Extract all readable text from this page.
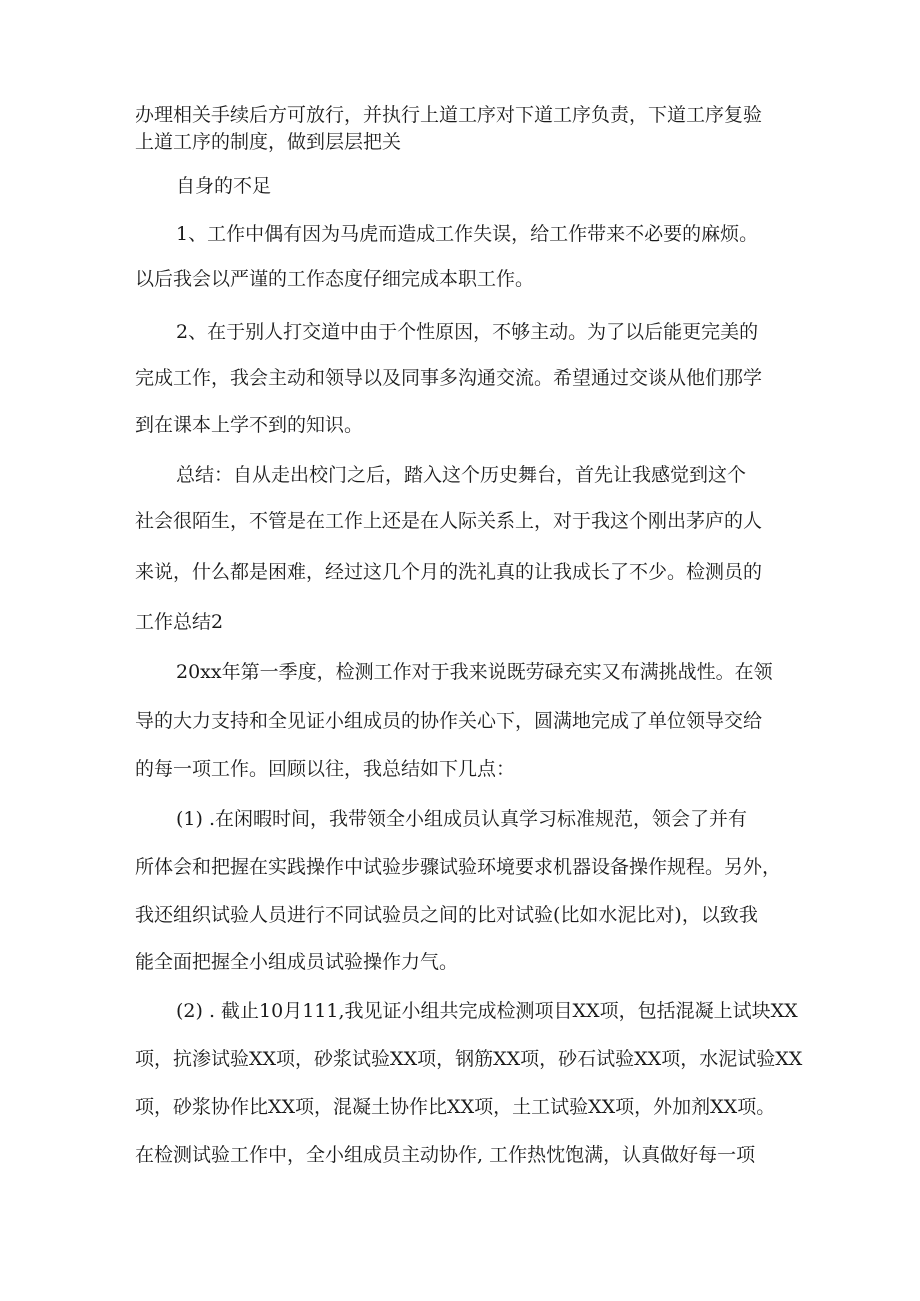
办理相关手续后方可放行，并执行上道工序对下道工序负责，下道工序复验
上道工序的制度，做到层层把关
自身的不足
1、工作中偶有因为马虎而造成工作失误，给工作带来不必要的麻烦。
以后我会以严谨的工作态度仔细完成本职工作。
2、在于别人打交道中由于个性原因，不够主动。为了以后能更完美的
完成工作，我会主动和领导以及同事多沟通交流。希望通过交谈从他们那学
到在课本上学不到的知识。
总结：自从走出校门之后，踏入这个历史舞台，首先让我感觉到这个
社会很陌生，不管是在工作上还是在人际关系上，对于我这个刚出茅庐的人
来说，什么都是困难，经过这几个月的洗礼真的让我成长了不少。检测员的
工作总结2
20xx年第一季度，检测工作对于我来说既劳碌充实又布满挑战性。在领
导的大力支持和全见证小组成员的协作关心下，圆满地完成了单位领导交给
的每一项工作。回顾以往，我总结如下几点：
(1) .在闲暇时间，我带领全小组成员认真学习标准规范，领会了并有
所体会和把握在实践操作中试验步骤试验环境要求机器设备操作规程。另外，
我还组织试验人员进行不同试验员之间的比对试验(比如水泥比对)，以致我
能全面把握全小组成员试验操作力气。
(2) . 截止10月111,我见证小组共完成检测项目XX项，包括混凝上试块XX
项，抗渗试验XX项，砂浆试验XX项，钢筋XX项，砂石试验XX项，水泥试验XX
项，砂浆协作比XX项，混凝土协作比XX项，土工试验XX项，外加剂XX项。
在检测试验工作中，全小组成员主动协作, 工作热忱饱满，认真做好每一项
